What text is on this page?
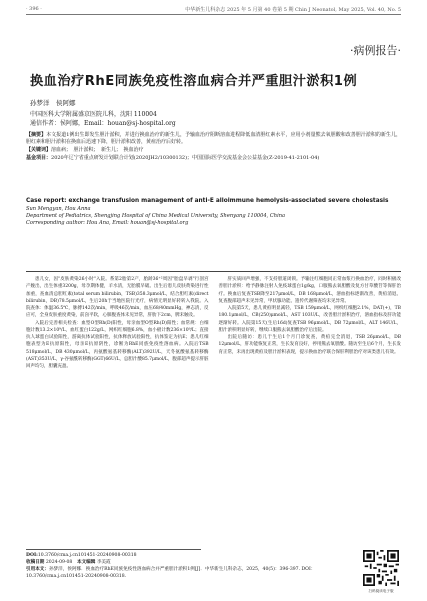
· 396 ·	中华新生儿科杂志 2025 年 5 月第 40 卷第 5 期 Chin J Neonatol, May 2025, Vol. 40, No. 5
·病例报告·
换血治疗RhE同族免疫性溶血病合并严重胆汁淤积1例
孙梦洋　侯阿娜
中国医科大学附属盛京医院儿科，沈阳 110004
通信作者：侯阿娜，Email：houan@sj-hospital.org

【摘要】本文报道1例出生即发生胆汁淤积，并进行换血治疗的新生儿，予输血治疗阻断溶血进程降低血清胆红素水平，应用小剂量熊去氧胆酸和改善胆汁淤积的新生儿，胆红素和胆汁淤积在换血后迅速下降，胆汁淤积改善，黄疸治疗后好转。

【关键词】溶血病；　胆汁淤积；　新生儿；　换血治疗

基金项目：2020年辽宁省重点研发计划联合计划(2020JH2/10300132)；中国国际医学交流基金会公益基金(Z-2019-41-2101-04)

Case report: exchange transfusion management of anti-E alloimmune hemolysis-associated severe cholestasis
Sun Mengyan, Hou Anna
Department of Pediatrics, Shengjing Hospital of China Medical University, Shenyang 110004, China
Corresponding author: Hou Ana, Email: houan@sj-hospital.org

患儿女，因"皮肤黄染26小时"入院。系第2胎第2产，胎龄36⁺²周因"胎盘早剥"行剖宫产娩出，出生体重3200g，母孕期体健，羊水清，无胎膜早破。出生后患儿皮肤黄染进行性加重，查血清总胆红素(total serum bilirubin，TSB)358.3μmol/L，结合胆红素(direct bilirubin，DB)78.5μmol/L，生后20h于当地医院行光疗，病情无明显好转转入我院。入院查体：体温36.5℃，脉搏142次/min，呼吸46次/min，血压68/40mmHg，神志清，反应可，全身皮肤重度黄染，前囟平软，心肺腹查体未见异常，肝肋下2cm，脾未触及。

入院后完善相关检查：血型O型Rh(D)阳性，母亲血型O型Rh(D)阳性；血常规：白细胞计数13.2×10⁹/L，血红蛋白122g/L，网织红细胞6.8%，血小板计数236×10⁹/L；直接抗人球蛋白试验阳性，游离抗体试验阳性，抗体释放试验阳性，抗体鉴定为抗E；患儿红细胞表型为E抗原阳性，母亲E抗原阴性，诊断为RhE同族免疫性溶血病。入院后TSB 518μmol/L，DB 430μmol/L，丙氨酸氨基转移酶(ALT)392U/L，天冬氨酸氨基转移酶(AST)353U/L，γ-谷氨酰转移酶(GGT)66U/L，总胆汁酸85.7μmol/L，腹部超声提示肝脏回声均匀，胆囊充盈。

肝实质回声增强，不支持胆道闭锁。予输注红细胞同正常血浆行换血治疗，同时积极改善胆汁淤积：给予静脉注射人免疫球蛋白1g/kg，口服熊去氧胆酸及复方甘草酸苷等保肝治疗。换血后复查TSB降至217μmol/L，DB 168μmol/L，溶血指标逐渐改善，黄疸消退。复查腹部超声未见异常，甲状腺功能、遗传代谢筛查均未见异常。

入院第5天，患儿黄疸明显减轻，TSB 159μmol/L，网织红细胞2.1%，DAT(+)，TB 180.1μmol/L，CB(250)μmol/L，AST 103U/L，改善胆汁淤积治疗，溶血指标及肝功能逐渐好转。入院第15天(生后16d)复查TSB 96μmol/L，DB 72μmol/L，ALT 146U/L，胆汁淤积明显好转，继续口服熊去氧胆酸治疗后出院。

出院后随访：患儿于生后1个月门诊复查，黄疸完全消退，TSB 26μmol/L，DB 12μmol/L，肝功能恢复正常，生长发育良好，停用熊去氧胆酸。随访至生后6个月，生长发育正常，未再出现黄疸及胆汁淤积表现，提示换血治疗联合保肝利胆治疗对该类患儿有效。

DOI:10.3760/cma.j.cn101451-20240908-00318
收稿日期 2024-09-08　 本文编辑 李美霞
引用本文：孙梦洋，侯阿娜．换血治疗RhE同族免疫性溶血病合并严重胆汁淤积1例[J]．中华新生儿科杂志，2025，40(5)：396-397. DOI：10.3760/cma.j.cn101451-20240908-00318.
扫码阅读电子版
